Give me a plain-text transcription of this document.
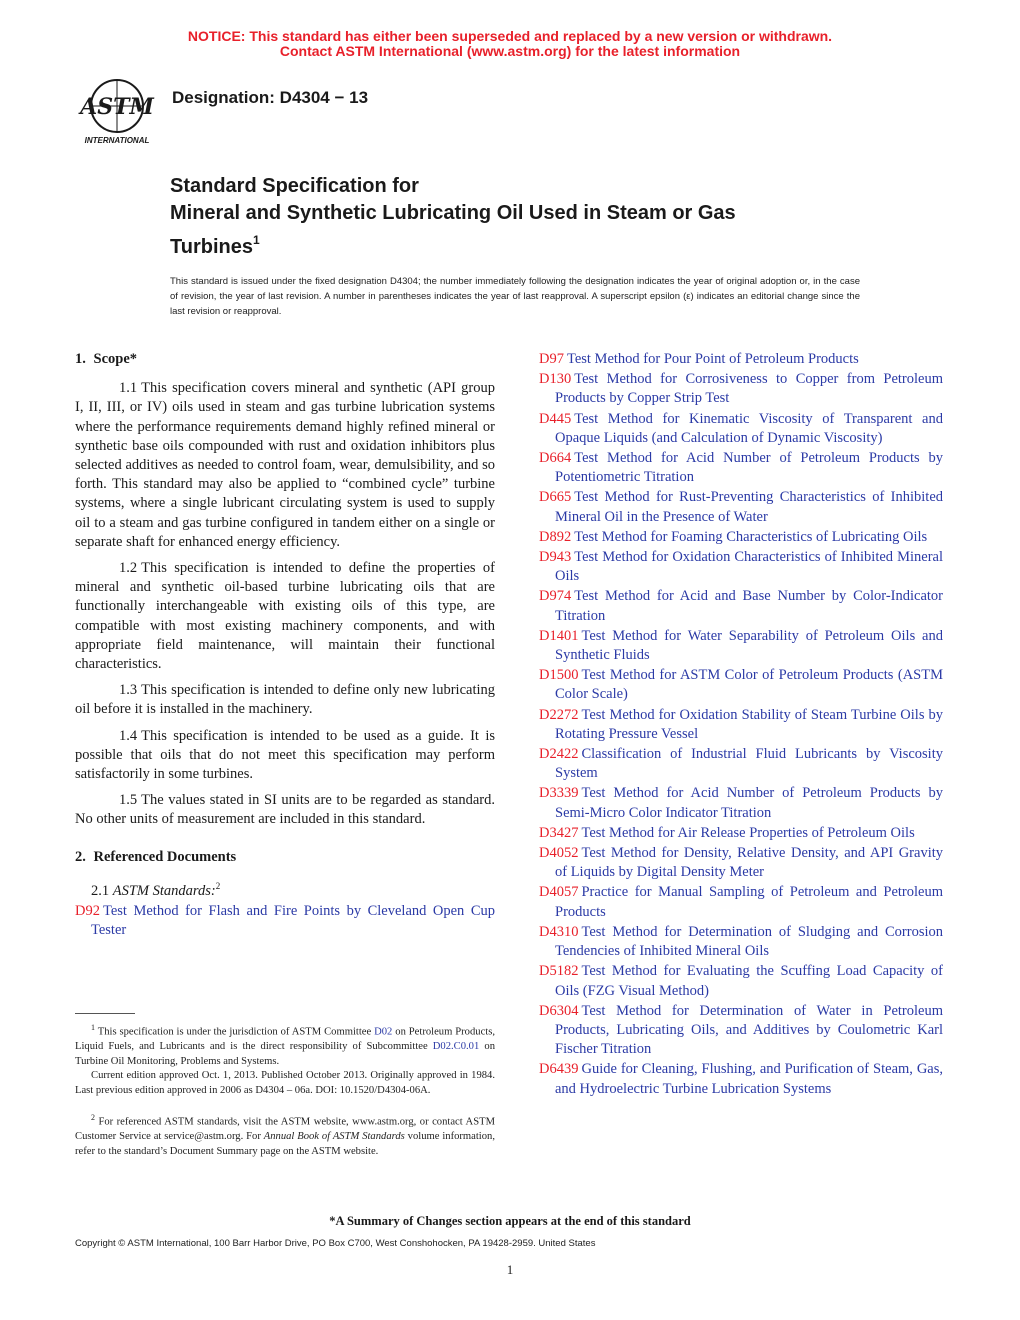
NOTICE: This standard has either been superseded and replaced by a new version or withdrawn.
Contact ASTM International (www.astm.org) for the latest information
ASTM
INTERNATIONAL
Designation: D4304 − 13
Standard Specification for
Mineral and Synthetic Lubricating Oil Used in Steam or Gas
Turbines$^1$
This standard is issued under the fixed designation D4304; the number immediately following the designation indicates the year of original adoption or, in the case of revision, the year of last revision. A number in parentheses indicates the year of last reapproval. A superscript epsilon (ε) indicates an editorial change since the last revision or reapproval.
1. Scope*
1.1 This specification covers mineral and synthetic (API group I, II, III, or IV) oils used in steam and gas turbine lubrication systems where the performance requirements demand highly refined mineral or synthetic base oils compounded with rust and oxidation inhibitors plus selected additives as needed to control foam, wear, demulsibility, and so forth. This standard may also be applied to “combined cycle” turbine systems, where a single lubricant circulating system is used to supply oil to a steam and gas turbine configured in tandem either on a single or separate shaft for enhanced energy efficiency.
1.2 This specification is intended to define the properties of mineral and synthetic oil-based turbine lubricating oils that are functionally interchangeable with existing oils of this type, are compatible with most existing machinery components, and with appropriate field maintenance, will maintain their functional characteristics.
1.3 This specification is intended to define only new lubricating oil before it is installed in the machinery.
1.4 This specification is intended to be used as a guide. It is possible that oils that do not meet this specification may perform satisfactorily in some turbines.
1.5 The values stated in SI units are to be regarded as standard. No other units of measurement are included in this standard.
2. Referenced Documents
2.1 ASTM Standards:$^2$
D92 Test Method for Flash and Fire Points by Cleveland Open Cup Tester
D97 Test Method for Pour Point of Petroleum Products
D130 Test Method for Corrosiveness to Copper from Petroleum Products by Copper Strip Test
D445 Test Method for Kinematic Viscosity of Transparent and Opaque Liquids (and Calculation of Dynamic Viscosity)
D664 Test Method for Acid Number of Petroleum Products by Potentiometric Titration
D665 Test Method for Rust-Preventing Characteristics of Inhibited Mineral Oil in the Presence of Water
D892 Test Method for Foaming Characteristics of Lubricating Oils
D943 Test Method for Oxidation Characteristics of Inhibited Mineral Oils
D974 Test Method for Acid and Base Number by Color-Indicator Titration
D1401 Test Method for Water Separability of Petroleum Oils and Synthetic Fluids
D1500 Test Method for ASTM Color of Petroleum Products (ASTM Color Scale)
D2272 Test Method for Oxidation Stability of Steam Turbine Oils by Rotating Pressure Vessel
D2422 Classification of Industrial Fluid Lubricants by Viscosity System
D3339 Test Method for Acid Number of Petroleum Products by Semi-Micro Color Indicator Titration
D3427 Test Method for Air Release Properties of Petroleum Oils
D4052 Test Method for Density, Relative Density, and API Gravity of Liquids by Digital Density Meter
D4057 Practice for Manual Sampling of Petroleum and Petroleum Products
D4310 Test Method for Determination of Sludging and Corrosion Tendencies of Inhibited Mineral Oils
D5182 Test Method for Evaluating the Scuffing Load Capacity of Oils (FZG Visual Method)
D6304 Test Method for Determination of Water in Petroleum Products, Lubricating Oils, and Additives by Coulometric Karl Fischer Titration
D6439 Guide for Cleaning, Flushing, and Purification of Steam, Gas, and Hydroelectric Turbine Lubrication Systems
$^1$ This specification is under the jurisdiction of ASTM Committee D02 on Petroleum Products, Liquid Fuels, and Lubricants and is the direct responsibility of Subcommittee D02.C0.01 on Turbine Oil Monitoring, Problems and Systems.
Current edition approved Oct. 1, 2013. Published October 2013. Originally approved in 1984. Last previous edition approved in 2006 as D4304 – 06a. DOI: 10.1520/D4304-06A.
$^2$ For referenced ASTM standards, visit the ASTM website, www.astm.org, or contact ASTM Customer Service at service@astm.org. For Annual Book of ASTM Standards volume information, refer to the standard’s Document Summary page on the ASTM website.
*A Summary of Changes section appears at the end of this standard
Copyright © ASTM International, 100 Barr Harbor Drive, PO Box C700, West Conshohocken, PA 19428-2959. United States
1
